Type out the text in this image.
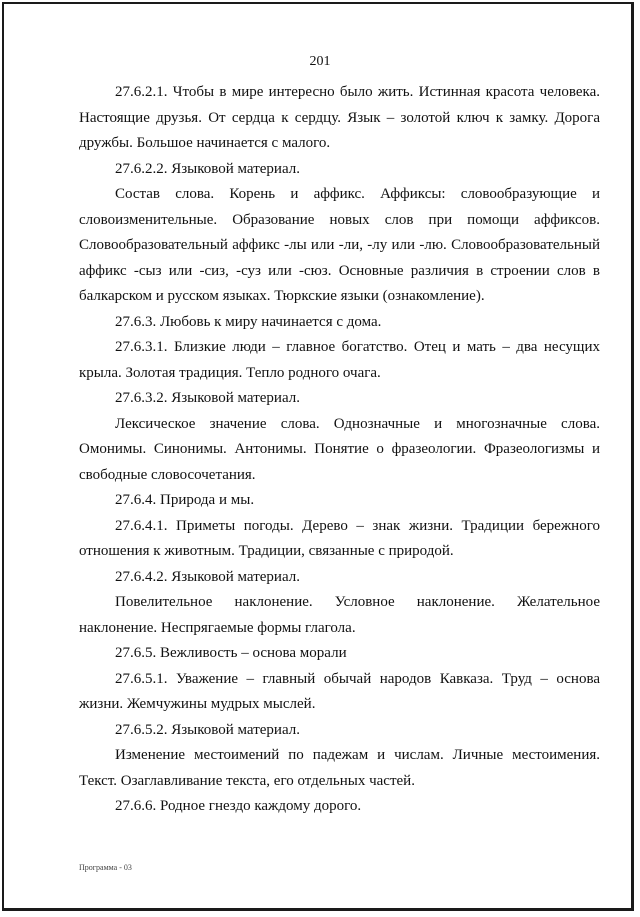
201

27.6.2.1. Чтобы в мире интересно было жить. Истинная красота человека. Настоящие друзья. От сердца к сердцу. Язык – золотой ключ к замку. Дорога дружбы. Большое начинается с малого.

27.6.2.2. Языковой материал.

Состав слова. Корень и аффикс. Аффиксы: словообразующие и словоизменительные. Образование новых слов при помощи аффиксов. Словообразовательный аффикс -лы или -ли, -лу или -лю. Словообразовательный аффикс -сыз или -сиз, -суз или -сюз. Основные различия в строении слов в балкарском и русском языках. Тюркские языки (ознакомление).

27.6.3. Любовь к миру начинается с дома.

27.6.3.1. Близкие люди – главное богатство. Отец и мать – два несущих крыла. Золотая традиция. Тепло родного очага.

27.6.3.2. Языковой материал.

Лексическое значение слова. Однозначные и многозначные слова. Омонимы. Синонимы. Антонимы. Понятие о фразеологии. Фразеологизмы и свободные словосочетания.

27.6.4. Природа и мы.

27.6.4.1. Приметы погоды. Дерево – знак жизни. Традиции бережного отношения к животным. Традиции, связанные с природой.

27.6.4.2. Языковой материал.

Повелительное наклонение. Условное наклонение. Желательное наклонение. Неспрягаемые формы глагола.

27.6.5. Вежливость – основа морали

27.6.5.1. Уважение – главный обычай народов Кавказа. Труд – основа жизни. Жемчужины мудрых мыслей.

27.6.5.2. Языковой материал.

Изменение местоимений по падежам и числам. Личные местоимения. Текст. Озаглавливание текста, его отдельных частей.

27.6.6. Родное гнездо каждому дорого.

Программа - 03
